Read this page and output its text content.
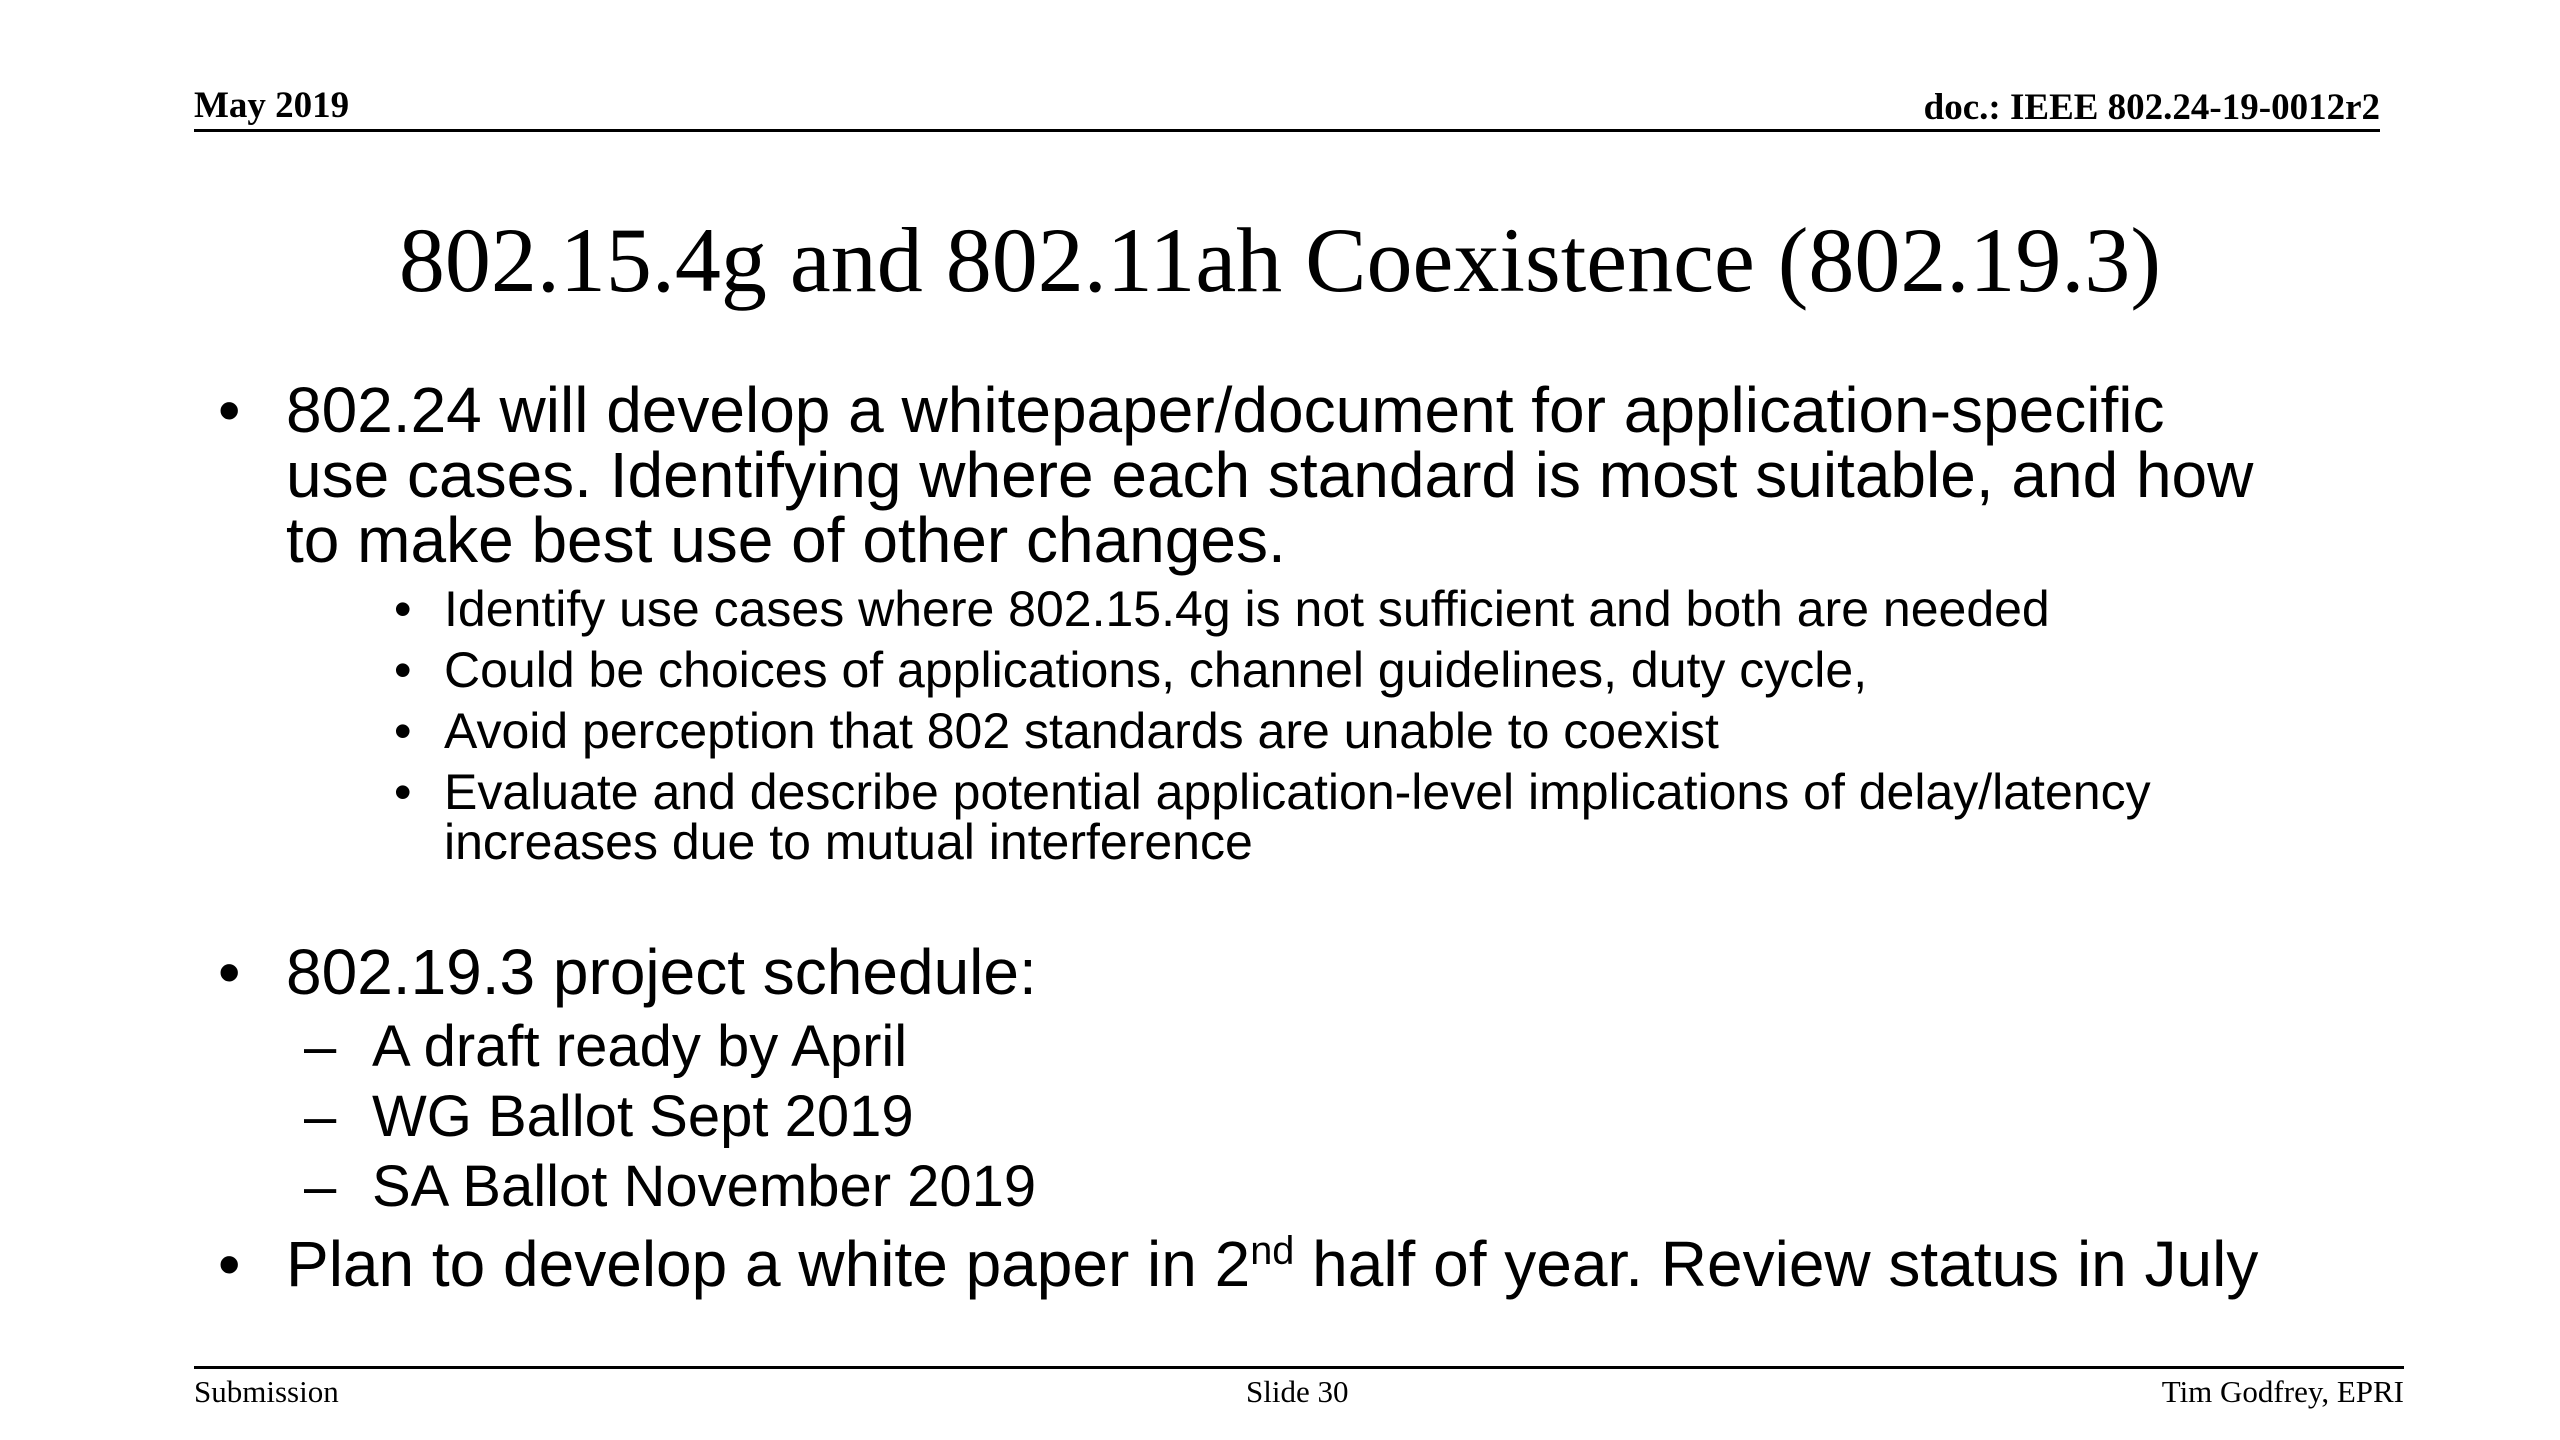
May 2019	doc.: IEEE 802.24-19-0012r2
802.15.4g and 802.11ah Coexistence (802.19.3)
• 802.24 will develop a whitepaper/document for application-specific
use cases. Identifying where each standard is most suitable, and how
to make best use of other changes.
• Identify use cases where 802.15.4g is not sufficient and both are needed
• Could be choices of applications, channel guidelines, duty cycle,
• Avoid perception that 802 standards are unable to coexist
• Evaluate and describe potential application-level implications of delay/latency
increases due to mutual interference
• 802.19.3 project schedule:
– A draft ready by April
– WG Ballot Sept 2019
– SA Ballot November 2019
• Plan to develop a white paper in 2nd half of year. Review status in July
Submission	Slide 30	Tim Godfrey, EPRI
